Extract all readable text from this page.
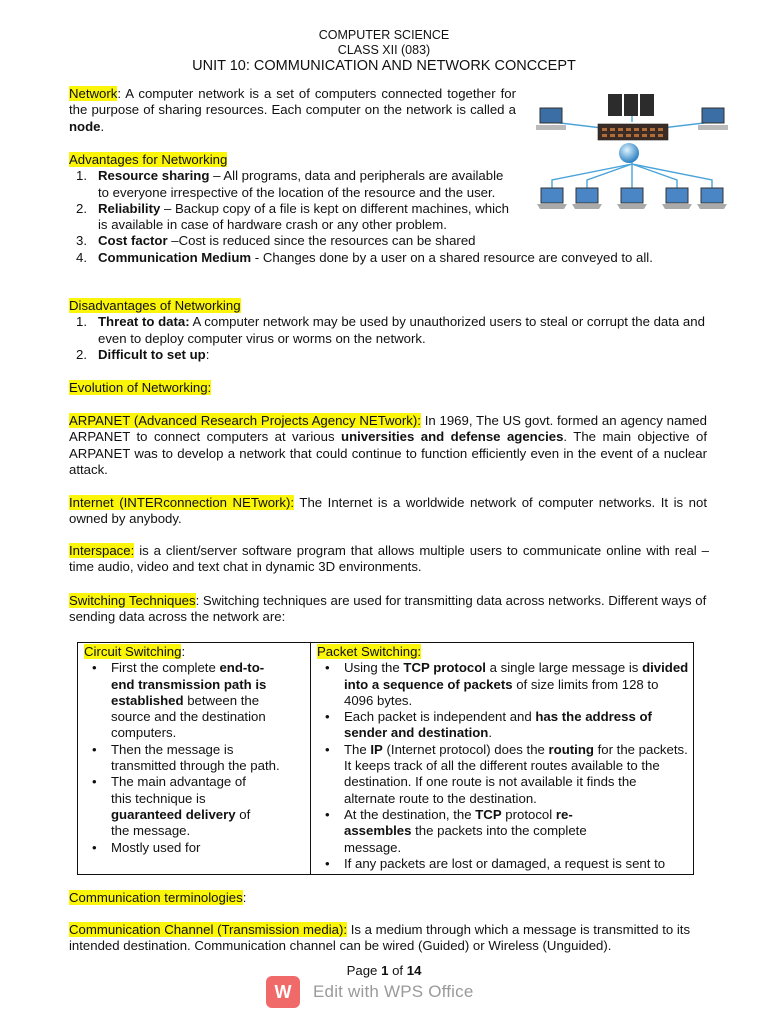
COMPUTER SCIENCE
CLASS XII (083)
UNIT 10: COMMUNICATION AND NETWORK CONCCEPT
Network: A computer network is a set of computers connected together for the purpose of sharing resources. Each computer on the network is called a node.
Advantages for Networking
1. Resource sharing – All programs, data and peripherals are available to everyone irrespective of the location of the resource and the user.
2. Reliability – Backup copy of a file is kept on different machines, which is available in case of hardware crash or any other problem.
3. Cost factor –Cost is reduced since the resources can be shared
4. Communication Medium - Changes done by a user on a shared resource are conveyed to all.
Disadvantages of Networking
1. Threat to data: A computer network may be used by unauthorized users to steal or corrupt the data and even to deploy computer virus or worms on the network.
2. Difficult to set up:
Evolution of Networking:
ARPANET (Advanced Research Projects Agency NETwork): In 1969, The US govt. formed an agency named ARPANET to connect computers at various universities and defense agencies. The main objective of ARPANET was to develop a network that could continue to function efficiently even in the event of a nuclear attack.
Internet (INTERconnection NETwork): The Internet is a worldwide network of computer networks. It is not owned by anybody.
Interspace: is a client/server software program that allows multiple users to communicate online with real – time audio, video and text chat in dynamic 3D environments.
Switching Techniques: Switching techniques are used for transmitting data across networks. Different ways of sending data across the network are:
Circuit Switching:
• First the complete end-to-end transmission path is established between the source and the destination computers.
• Then the message is transmitted through the path.
• The main advantage of this technique is guaranteed delivery of the message.
• Mostly used for
Packet Switching:
• Using the TCP protocol a single large message is divided into a sequence of packets of size limits from 128 to 4096 bytes.
• Each packet is independent and has the address of sender and destination.
• The IP (Internet protocol) does the routing for the packets. It keeps track of all the different routes available to the destination. If one route is not available it finds the alternate route to the destination.
• At the destination, the TCP protocol re-assembles the packets into the complete message.
• If any packets are lost or damaged, a request is sent to
Communication terminologies:
Communication Channel (Transmission media): Is a medium through which a message is transmitted to its intended destination. Communication channel can be wired (Guided) or Wireless (Unguided).
Page 1 of 14
W	Edit with WPS Office
